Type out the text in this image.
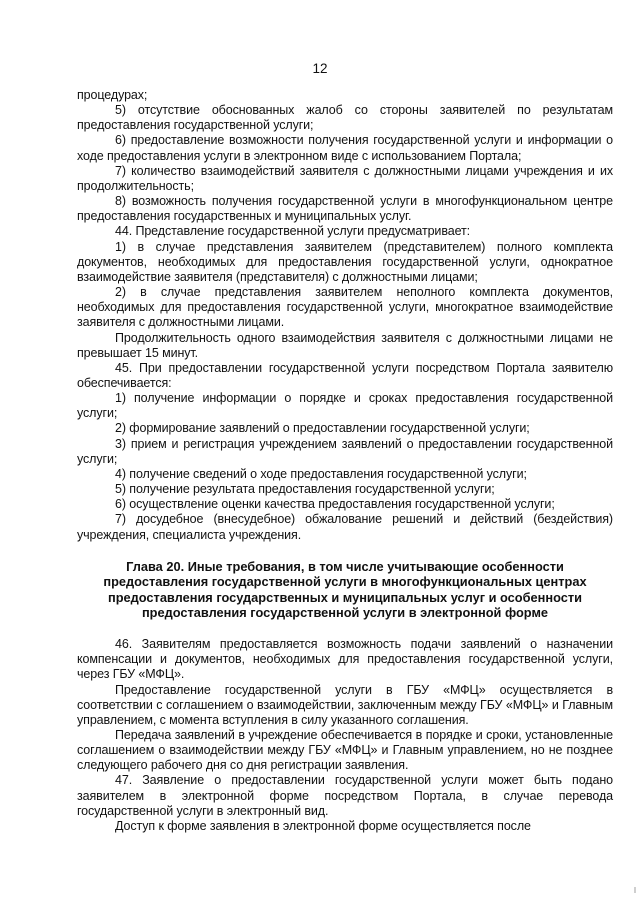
12

процедурах;

5) отсутствие обоснованных жалоб со стороны заявителей по результатам предоставления государственной услуги;

6) предоставление возможности получения государственной услуги и информации о ходе предоставления услуги в электронном виде с использованием Портала;

7) количество взаимодействий заявителя с должностными лицами учреждения и их продолжительность;

8) возможность получения государственной услуги в многофункциональном центре предоставления государственных и муниципальных услуг.

44. Представление государственной услуги предусматривает:

1) в случае представления заявителем (представителем) полного комплекта документов, необходимых для предоставления государственной услуги, однократное взаимодействие заявителя (представителя) с должностными лицами;

2) в случае представления заявителем неполного комплекта документов, необходимых для предоставления государственной услуги, многократное взаимодействие заявителя с должностными лицами.

Продолжительность одного взаимодействия заявителя с должностными лицами не превышает 15 минут.

45. При предоставлении государственной услуги посредством Портала заявителю обеспечивается:

1) получение информации о порядке и сроках предоставления государственной услуги;

2) формирование заявлений о предоставлении государственной услуги;

3) прием и регистрация учреждением заявлений о предоставлении государственной услуги;

4) получение сведений о ходе предоставления государственной услуги;

5) получение результата предоставления государственной услуги;

6) осуществление оценки качества предоставления государственной услуги;

7) досудебное (внесудебное) обжалование решений и действий (бездействия) учреждения, специалиста учреждения.

Глава 20. Иные требования, в том числе учитывающие особенности предоставления государственной услуги в многофункциональных центрах предоставления государственных и муниципальных услуг и особенности предоставления государственной услуги в электронной форме

46. Заявителям предоставляется возможность подачи заявлений о назначении компенсации и документов, необходимых для предоставления государственной услуги, через ГБУ «МФЦ».

Предоставление государственной услуги в ГБУ «МФЦ» осуществляется в соответствии с соглашением о взаимодействии, заключенным между ГБУ «МФЦ» и Главным управлением, с момента вступления в силу указанного соглашения.

Передача заявлений в учреждение обеспечивается в порядке и сроки, установленные соглашением о взаимодействии между ГБУ «МФЦ» и Главным управлением, но не позднее следующего рабочего дня со дня регистрации заявления.

47. Заявление о предоставлении государственной услуги может быть подано заявителем в электронной форме посредством Портала, в случае перевода государственной услуги в электронный вид.

Доступ к форме заявления в электронной форме осуществляется после
